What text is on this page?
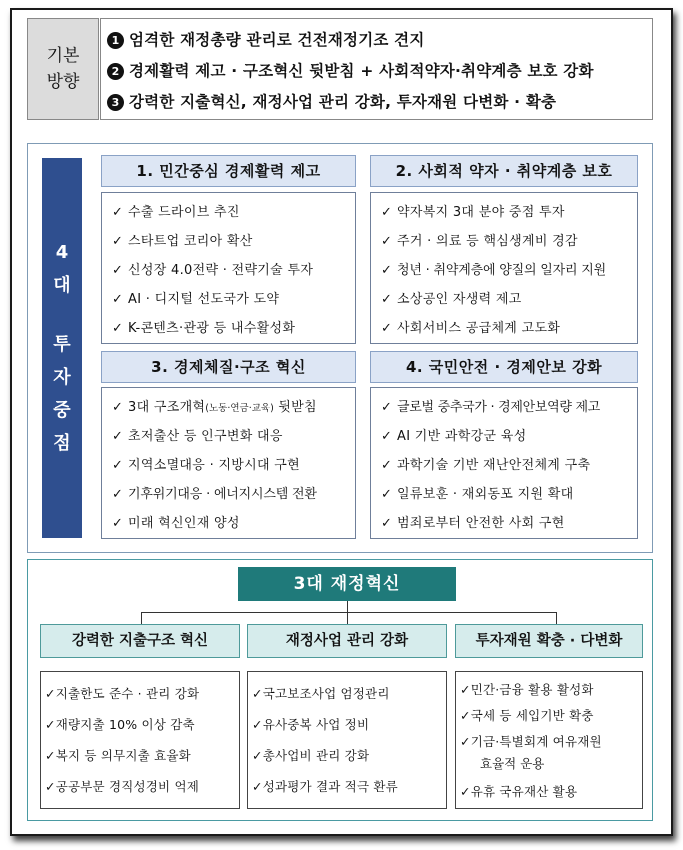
기본
방향
1 엄격한 재정총량 관리로 건전재정기조 견지
2 경제활력 제고 · 구조혁신 뒷받침 + 사회적약자·취약계층 보호 강화
3 강력한 지출혁신, 재정사업 관리 강화, 투자재원 다변화 · 확충
4
대
투
자
중
점
1. 민간중심 경제활력 제고
✓ 수출 드라이브 추진
✓ 스타트업 코리아 확산
✓ 신성장 4.0전략 · 전략기술 투자
✓ AI · 디지털 선도국가 도약
✓ K-콘텐츠·관광 등 내수활성화
2. 사회적 약자 · 취약계층 보호
✓ 약자복지 3대 분야 중점 투자
✓ 주거 · 의료 등 핵심생계비 경감
✓ 청년 · 취약계층에 양질의 일자리 지원
✓ 소상공인 자생력 제고
✓ 사회서비스 공급체계 고도화
3. 경제체질·구조 혁신
✓ 3대 구조개혁(노동·연금·교육) 뒷받침
✓ 초저출산 등 인구변화 대응
✓ 지역소멸대응 · 지방시대 구현
✓ 기후위기대응 · 에너지시스템 전환
✓ 미래 혁신인재 양성
4. 국민안전 · 경제안보 강화
✓ 글로벌 중추국가 · 경제안보역량 제고
✓ AI 기반 과학강군 육성
✓ 과학기술 기반 재난안전체계 구축
✓ 일류보훈 · 재외동포 지원 확대
✓ 범죄로부터 안전한 사회 구현
3대 재정혁신
강력한 지출구조 혁신
✓지출한도 준수 · 관리 강화
✓재량지출 10% 이상 감축
✓복지 등 의무지출 효율화
✓공공부문 경직성경비 억제
재정사업 관리 강화
✓국고보조사업 엄정관리
✓유사중복 사업 정비
✓총사업비 관리 강화
✓성과평가 결과 적극 환류
투자재원 확충 · 다변화
✓민간·금융 활용 활성화
✓국세 등 세입기반 확충
✓기금·특별회계 여유재원
효율적 운용
✓유휴 국유재산 활용
